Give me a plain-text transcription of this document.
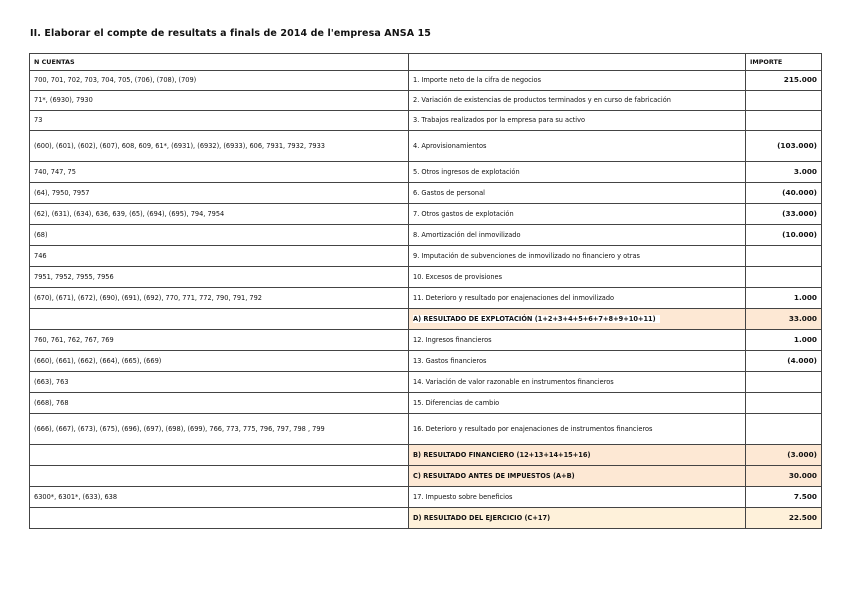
II. Elaborar el compte de resultats a finals de 2014 de l'empresa ANSA 15
N CUENTAS		IMPORTE
700, 701, 702, 703, 704, 705, (706), (708), (709)	1. Importe neto de la cifra de negocios	215.000
71*, (6930), 7930	2. Variación de existencias de productos terminados y en curso de fabricación	
73	3. Trabajos realizados por la empresa para su activo	
(600), (601), (602), (607), 608, 609, 61*, (6931), (6932), (6933), 606, 7931, 7932, 7933	4. Aprovisionamientos	(103.000)
740, 747, 75	5. Otros ingresos de explotación	3.000
(64), 7950, 7957	6. Gastos de personal	(40.000)
(62), (631), (634), 636, 639, (65), (694), (695), 794, 7954	7. Otros gastos de explotación	(33.000)
(68)	8. Amortización del inmovilizado	(10.000)
746	9. Imputación de subvenciones de inmovilizado no financiero y otras	
7951, 7952, 7955, 7956	10. Excesos de provisiones	
(670), (671), (672), (690), (691), (692), 770, 771, 772, 790, 791, 792	11. Deterioro y resultado por enajenaciones del inmovilizado	1.000
	A) RESULTADO DE EXPLOTACIÓN (1+2+3+4+5+6+7+8+9+10+11)	33.000
760, 761, 762, 767, 769	12. Ingresos financieros	1.000
(660), (661), (662), (664), (665), (669)	13. Gastos financieros	(4.000)
(663), 763	14. Variación de valor razonable en instrumentos financieros	
(668), 768	15. Diferencias de cambio	
(666), (667), (673), (675), (696), (697), (698), (699), 766, 773, 775, 796, 797, 798 , 799	16. Deterioro y resultado por enajenaciones de instrumentos financieros	
	B) RESULTADO FINANCIERO (12+13+14+15+16)	(3.000)
	C) RESULTADO ANTES DE IMPUESTOS (A+B)	30.000
6300*, 6301*, (633), 638	17. Impuesto sobre beneficios	7.500
	D) RESULTADO DEL EJERCICIO (C+17)	22.500
